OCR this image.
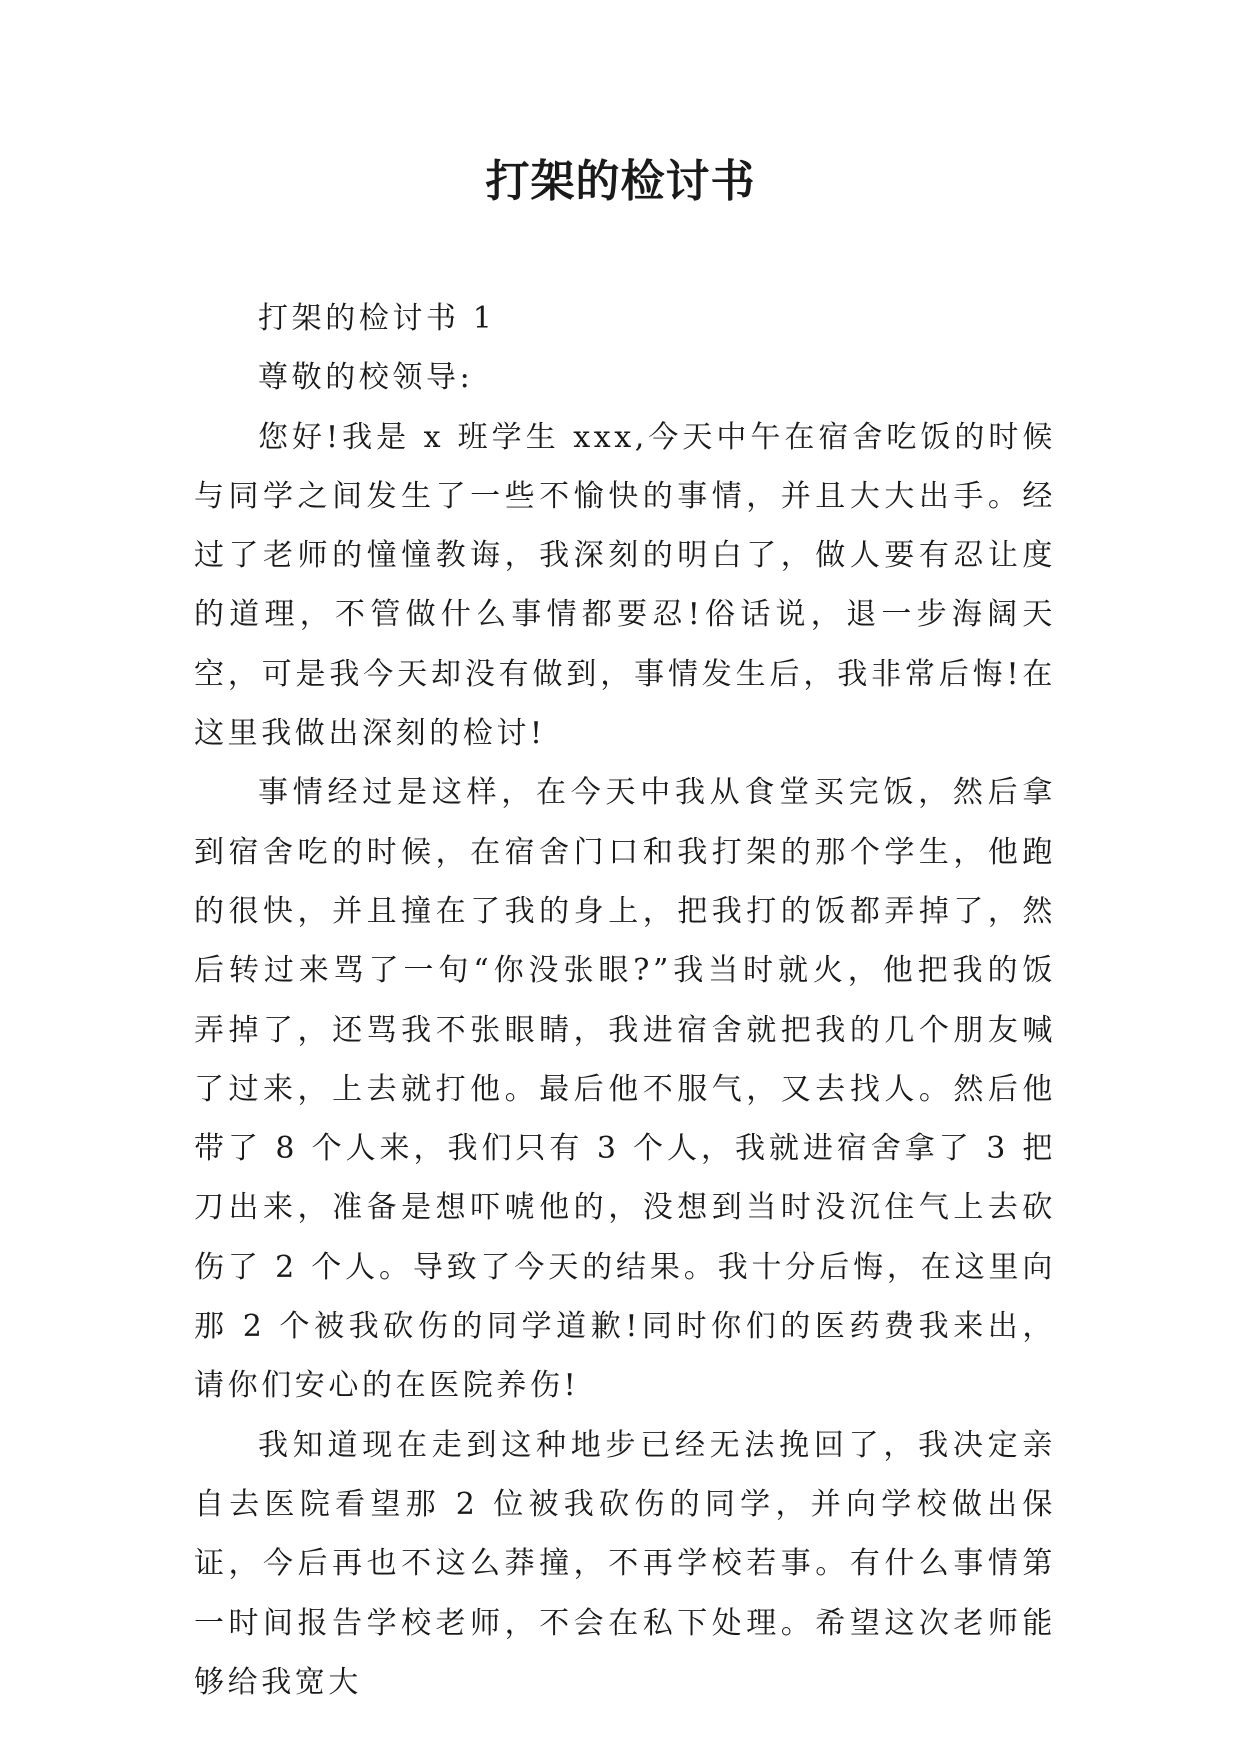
打架的检讨书

打架的检讨书 1

尊敬的校领导:

您好!我是 x 班学生 xxx,今天中午在宿舍吃饭的时候与同学之间发生了一些不愉快的事情，并且大大出手。经过了老师的憧憧教诲，我深刻的明白了，做人要有忍让度的道理，不管做什么事情都要忍!俗话说，退一步海阔天空，可是我今天却没有做到，事情发生后，我非常后悔!在这里我做出深刻的检讨!

事情经过是这样，在今天中我从食堂买完饭，然后拿到宿舍吃的时候，在宿舍门口和我打架的那个学生，他跑的很快，并且撞在了我的身上，把我打的饭都弄掉了，然后转过来骂了一句“你没张眼?”我当时就火，他把我的饭弄掉了，还骂我不张眼睛，我进宿舍就把我的几个朋友喊了过来，上去就打他。最后他不服气，又去找人。然后他带了 8 个人来，我们只有 3 个人，我就进宿舍拿了 3 把刀出来，准备是想吓唬他的，没想到当时没沉住气上去砍伤了 2 个人。导致了今天的结果。我十分后悔，在这里向那 2 个被我砍伤的同学道歉!同时你们的医药费我来出，请你们安心的在医院养伤!

我知道现在走到这种地步已经无法挽回了，我决定亲自去医院看望那 2 位被我砍伤的同学，并向学校做出保证，今后再也不这么莽撞，不再学校若事。有什么事情第一时间报告学校老师，不会在私下处理。希望这次老师能够给我宽大
